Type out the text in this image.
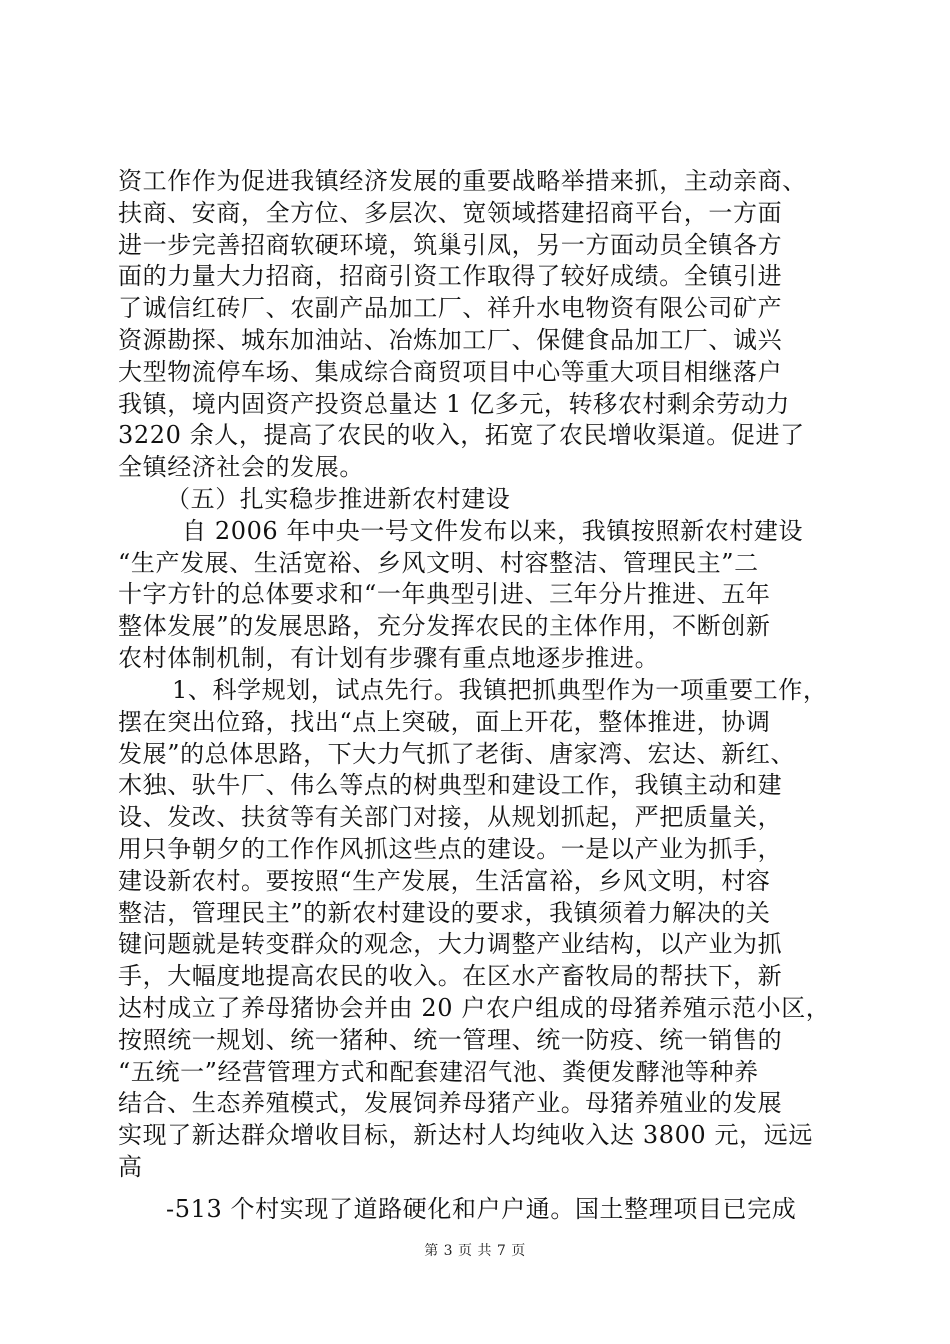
资工作作为促进我镇经济发展的重要战略举措来抓，主动亲商、
扶商、安商，全方位、多层次、宽领域搭建招商平台，一方面
进一步完善招商软硬环境，筑巢引凤，另一方面动员全镇各方
面的力量大力招商，招商引资工作取得了较好成绩。全镇引进
了诚信红砖厂、农副产品加工厂、祥升水电物资有限公司矿产
资源勘探、城东加油站、冶炼加工厂、保健食品加工厂、诚兴
大型物流停车场、集成综合商贸项目中心等重大项目相继落户
我镇，境内固资产投资总量达 1 亿多元，转移农村剩余劳动力
3220 余人，提高了农民的收入，拓宽了农民增收渠道。促进了
全镇经济社会的发展。
（五）扎实稳步推进新农村建设
自 2006 年中央一号文件发布以来，我镇按照新农村建设
“生产发展、生活宽裕、乡风文明、村容整洁、管理民主”二
十字方针的总体要求和“一年典型引进、三年分片推进、五年
整体发展”的发展思路，充分发挥农民的主体作用，不断创新
农村体制机制，有计划有步骤有重点地逐步推进。
1、科学规划，试点先行。我镇把抓典型作为一项重要工作，
摆在突出位臵，找出“点上突破，面上开花，整体推进，协调
发展”的总体思路，下大力气抓了老街、唐家湾、宏达、新红、
木独、驮牛厂、伟么等点的树典型和建设工作，我镇主动和建
设、发改、扶贫等有关部门对接，从规划抓起，严把质量关，
用只争朝夕的工作作风抓这些点的建设。一是以产业为抓手，
建设新农村。要按照“生产发展，生活富裕，乡风文明，村容
整洁，管理民主”的新农村建设的要求，我镇须着力解决的关
键问题就是转变群众的观念，大力调整产业结构，以产业为抓
手，大幅度地提高农民的收入。在区水产畜牧局的帮扶下，新
达村成立了养母猪协会并由 20 户农户组成的母猪养殖示范小区，
按照统一规划、统一猪种、统一管理、统一防疫、统一销售的
“五统一”经营管理方式和配套建沼气池、粪便发酵池等种养
结合、生态养殖模式，发展饲养母猪产业。母猪养殖业的发展
实现了新达群众增收目标，新达村人均纯收入达 3800 元，远远
高
-513 个村实现了道路硬化和户户通。国土整理项目已完成
第 3 页 共 7 页
